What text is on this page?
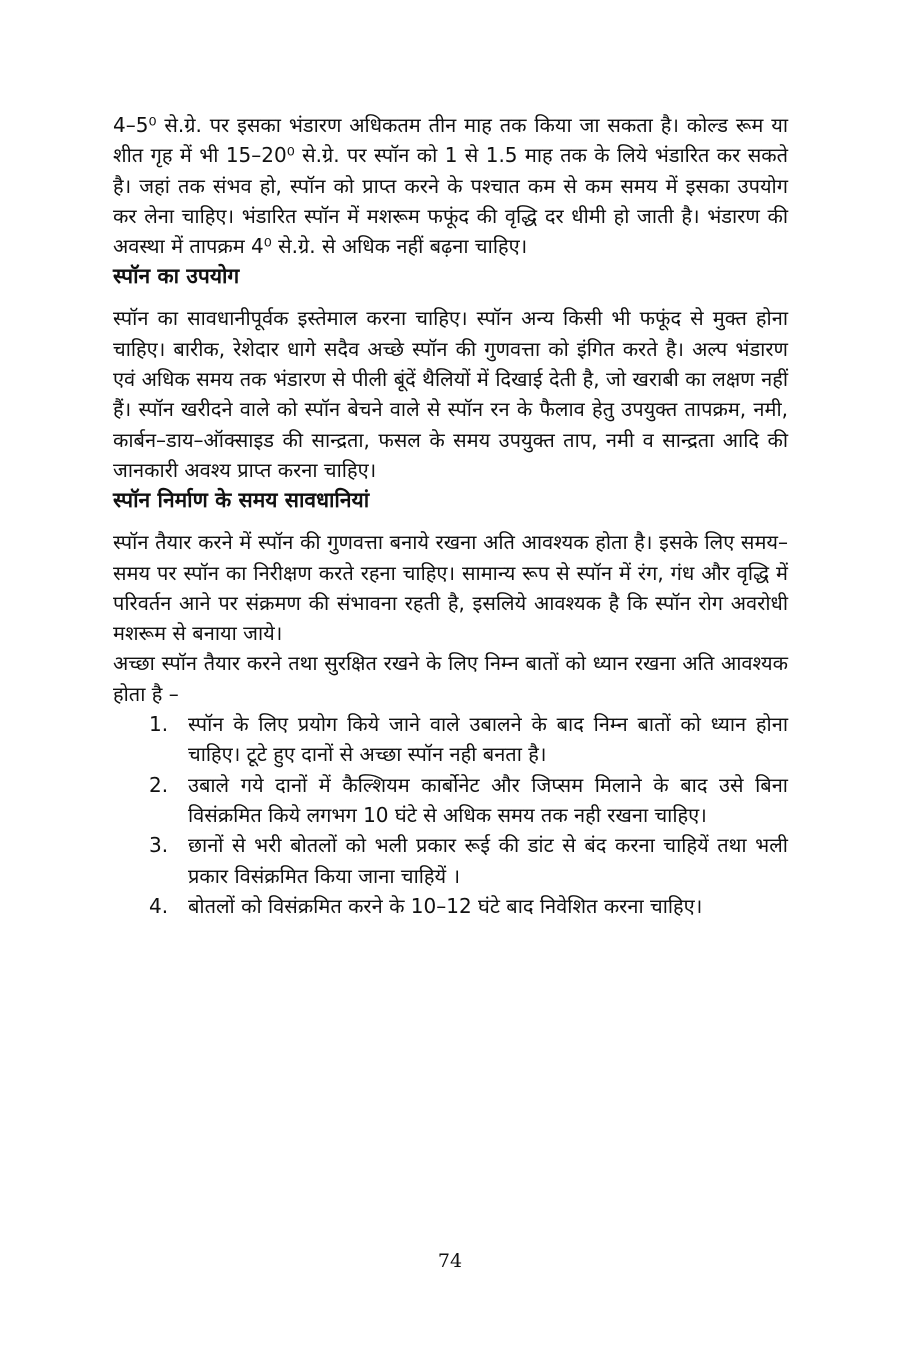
4–5⁰ से.ग्रे. पर इसका भंडारण अधिकतम तीन माह तक किया जा सकता है। कोल्ड रूम या शीत गृह में भी 15–20⁰ से.ग्रे. पर स्पॉन को 1 से 1.5 माह तक के लिये भंडारित कर सकते है। जहां तक संभव हो, स्पॉन को प्राप्त करने के पश्चात कम से कम समय में इसका उपयोग कर लेना चाहिए। भंडारित स्पॉन में मशरूम फफूंद की वृद्धि दर धीमी हो जाती है। भंडारण की अवस्था में तापक्रम 4⁰ से.ग्रे. से अधिक नहीं बढ़ना चाहिए।

स्पॉन का उपयोग

स्पॉन का सावधानीपूर्वक इस्तेमाल करना चाहिए। स्पॉन अन्य किसी भी फफूंद से मुक्त होना चाहिए। बारीक, रेशेदार धागे सदैव अच्छे स्पॉन की गुणवत्ता को इंगित करते है। अल्प भंडारण एवं अधिक समय तक भंडारण से पीली बूंदें थैलियों में दिखाई देती है, जो खराबी का लक्षण नहीं हैं। स्पॉन खरीदने वाले को स्पॉन बेचने वाले से स्पॉन रन के फैलाव हेतु उपयुक्त तापक्रम, नमी, कार्बन–डाय–ऑक्साइड की सान्द्रता, फसल के समय उपयुक्त ताप, नमी व सान्द्रता आदि की जानकारी अवश्य प्राप्त करना चाहिए।

स्पॉन निर्माण के समय सावधानियां

स्पॉन तैयार करने में स्पॉन की गुणवत्ता बनाये रखना अति आवश्यक होता है। इसके लिए समय–समय पर स्पॉन का निरीक्षण करते रहना चाहिए। सामान्य रूप से स्पॉन में रंग, गंध और वृद्धि में परिवर्तन आने पर संक्रमण की संभावना रहती है, इसलिये आवश्यक है कि स्पॉन रोग अवरोधी मशरूम से बनाया जाये।

अच्छा स्पॉन तैयार करने तथा सुरक्षित रखने के लिए निम्न बातों को ध्यान रखना अति आवश्यक होता है –

1. स्पॉन के लिए प्रयोग किये जाने वाले उबालने के बाद निम्न बातों को ध्यान होना चाहिए। टूटे हुए दानों से अच्छा स्पॉन नही बनता है।
2. उबाले गये दानों में कैल्शियम कार्बोनेट और जिप्सम मिलाने के बाद उसे बिना विसंक्रमित किये लगभग 10 घंटे से अधिक समय तक नही रखना चाहिए।
3. छानों से भरी बोतलों को भली प्रकार रूई की डांट से बंद करना चाहियें तथा भली प्रकार विसंक्रमित किया जाना चाहियें ।
4. बोतलों को विसंक्रमित करने के 10–12 घंटे बाद निवेशित करना चाहिए।
74
